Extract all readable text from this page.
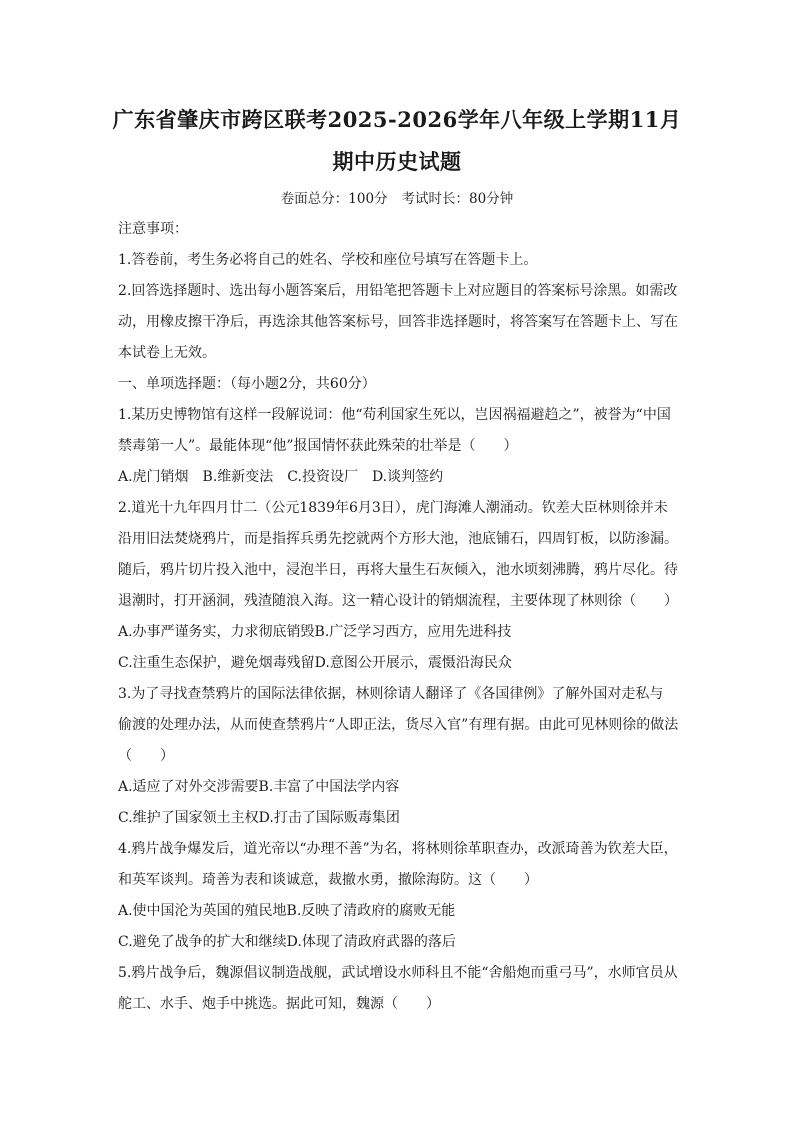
广东省肇庆市跨区联考2025-2026学年八年级上学期11月
期中历史试题
卷面总分：100分 考试时长：80分钟
注意事项：
1.答卷前，考生务必将自己的姓名、学校和座位号填写在答题卡上。
2.回答选择题时、选出每小题答案后，用铅笔把答题卡上对应题目的答案标号涂黑。如需改
动，用橡皮擦干净后，再选涂其他答案标号，回答非选择题时，将答案写在答题卡上、写在
本试卷上无效。
一、单项选择题：（每小题2分，共60分）
1.某历史博物馆有这样一段解说词：他“苟利国家生死以，岂因祸福避趋之”，被誉为“中国
禁毒第一人”。最能体现“他”报国情怀获此殊荣的壮举是（　　）
A.虎门销烟　B.维新变法　C.投资设厂　D.谈判签约
2.道光十九年四月廿二（公元1839年6月3日），虎门海滩人潮涌动。钦差大臣林则徐并未
沿用旧法焚烧鸦片，而是指挥兵勇先挖就两个方形大池，池底铺石，四周钉板，以防渗漏。
随后，鸦片切片投入池中，浸泡半日，再将大量生石灰倾入，池水顷刻沸腾，鸦片尽化。待
退潮时，打开涵洞，残渣随浪入海。这一精心设计的销烟流程，主要体现了林则徐（　　）
A.办事严谨务实，力求彻底销毁B.广泛学习西方，应用先进科技
C.注重生态保护，避免烟毒残留D.意图公开展示，震慑沿海民众
3.为了寻找查禁鸦片的国际法律依据，林则徐请人翻译了《各国律例》了解外国对走私与
偷渡的处理办法，从而使查禁鸦片“人即正法，货尽入官”有理有据。由此可见林则徐的做法
（　　）
A.适应了对外交涉需要B.丰富了中国法学内容
C.维护了国家领土主权D.打击了国际贩毒集团
4.鸦片战争爆发后，道光帝以“办理不善”为名，将林则徐革职查办，改派琦善为钦差大臣，
和英军谈判。琦善为表和谈诚意，裁撤水勇，撤除海防。这（　　）
A.使中国沦为英国的殖民地B.反映了清政府的腐败无能
C.避免了战争的扩大和继续D.体现了清政府武器的落后
5.鸦片战争后，魏源倡议制造战舰，武试增设水师科且不能“舍船炮而重弓马”，水师官员从
舵工、水手、炮手中挑选。据此可知，魏源（　　）
